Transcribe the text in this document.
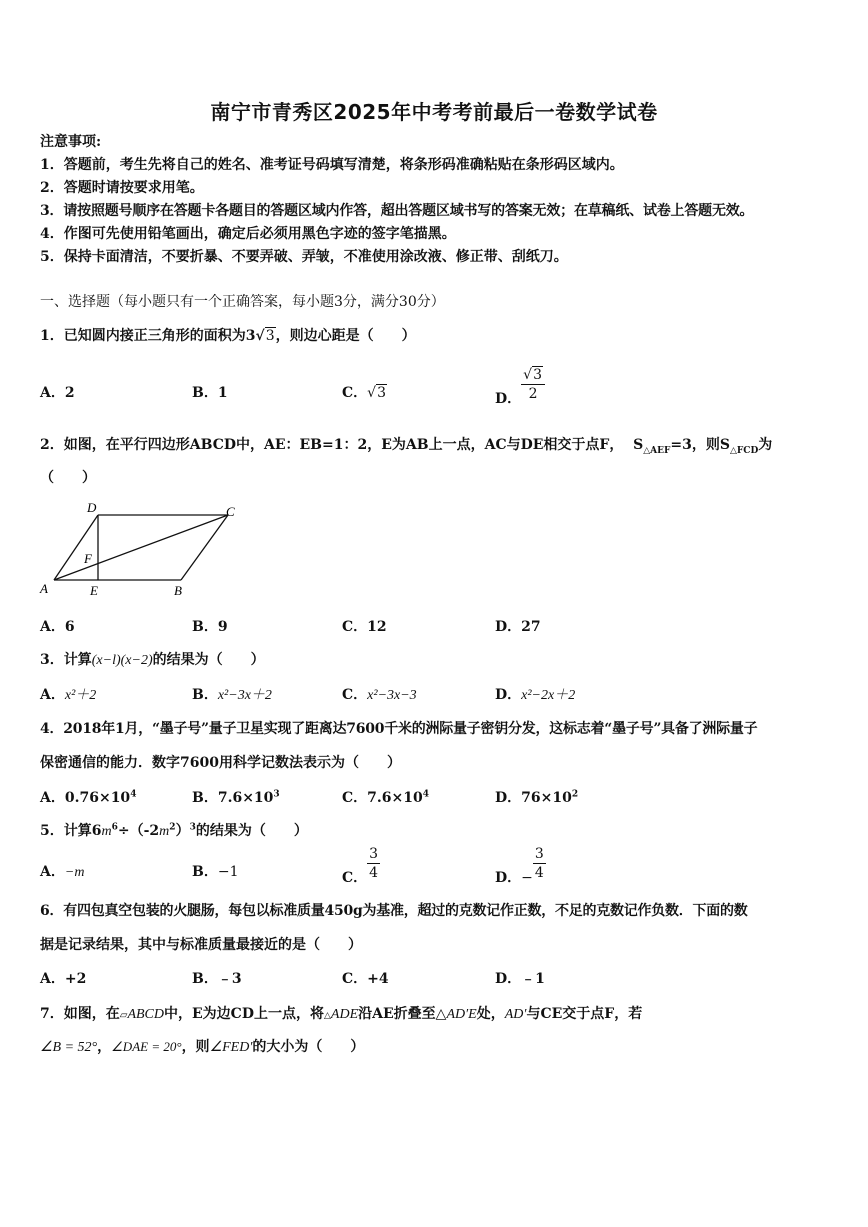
南宁市青秀区2025年中考考前最后一卷数学试卷
注意事项:
1．答题前，考生先将自己的姓名、准考证号码填写清楚，将条形码准确粘贴在条形码区域内。
2．答题时请按要求用笔。
3．请按照题号顺序在答题卡各题目的答题区域内作答，超出答题区域书写的答案无效；在草稿纸、试卷上答题无效。
4．作图可先使用铅笔画出，确定后必须用黑色字迹的签字笔描黑。
5．保持卡面清洁，不要折暴、不要弄破、弄皱，不准使用涂改液、修正带、刮纸刀。
一、选择题（每小题只有一个正确答案，每小题3分，满分30分）
1．已知圆内接正三角形的面积为3√3，则边心距是（　　）
A．2	B．1	C．√3	D． $\frac{√3}{2}$
2．如图，在平行四边形ABCD中，AE：EB=1：2，E为AB上一点，AC与DE相交于点F， $S_{\triangle AEF}=3$，则$S_{\triangle FCD}$为
（　　）
D	C
F
A	E	B
A．6	B．9	C．12	D．27
3．计算(x−l)(x−2)的结果为（　　）
A．x²＋2	B．x²−3x＋2	C．x²−3x−3	D．x²−2x＋2
4．2018年1月，“墨子号”量子卫星实现了距离达7600千米的洲际量子密钥分发，这标志着“墨子号”具备了洲际量子
保密通信的能力．数字7600用科学记数法表示为（　　）
A．$0.76\times 10^4$	B．$7.6\times 10^3$	C．$7.6\times 10^4$	D．$76\times 10^2$
5．计算$6m^6\div(-2m^2)^3$的结果为（　　）
A．−m	B．−1	C． $\frac{3}{4}$	D．− $\frac{3}{4}$
6．有四包真空包装的火腿肠，每包以标准质量450g为基准，超过的克数记作正数，不足的克数记作负数．下面的数
据是记录结果，其中与标准质量最接近的是（　　）
A．+2	B．﹣3	C．+4	D．﹣1
7．如图，在▱ABCD中，E为边CD上一点，将△ADE沿AE折叠至△AD′E处，AD′与CE交于点F，若
∠B = 52°，∠DAE = 20°，则∠FED′的大小为（　　）
